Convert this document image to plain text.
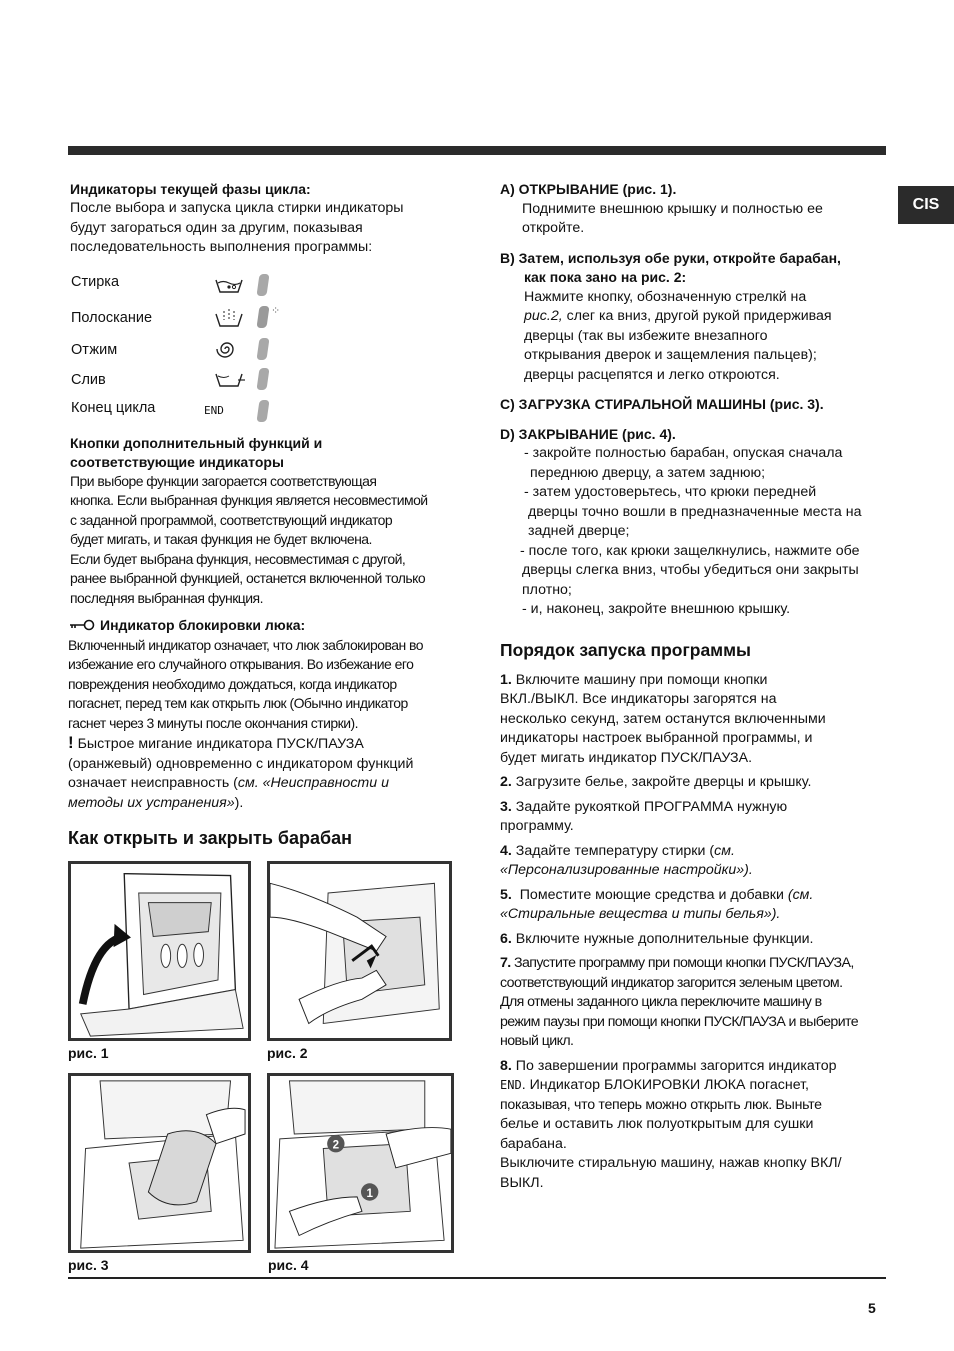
CIS

Индикаторы текущей фазы цикла:

После выбора и запуска цикла стирки индикаторы

будут загораться один за другим, показывая

последовательность выполнения программы:

Стирка
Полоскание	⁘
Отжим
Слив
Конец цикла	END

Кнопки дополнительный функций и

соответствующие индикаторы

При выборе функции загорается соответствующая

кнопка. Если выбранная функция является несовместимой

с заданной программой, соответствующий индикатор

будет мигать, и такая функция не будет включена.

Если будет выбрана функция, несовместимая с другой,

ранее выбранной функцией, останется включенной только

последняя выбранная функция.

Индикатор блокировки люка:

Включенный индикатор означает, что люк заблокирован во

избежание его случайного открывания. Во избежание его

повреждения необходимо дождаться, когда индикатор

погаснет, перед тем как открыть люк (Обычно индикатор

гаснет через 3 минуты после окончания стирки).

! Быстрое мигание индикатора ПУСК/ПАУЗА

(оранжевый) одновременно с индикатором функций

означает неисправность (см. «Неисправности и

методы их устранения»).

Как открыть и закрыть барабан
2
1
рис. 1	рис. 2
рис. 3	рис. 4

A) ОТКРЫВАНИЕ (рис. 1).

Поднимите внешнюю крышку и полностью ее

откройте.

B) Затем, используя обе руки, откройте барабан,

как пока зано на рис. 2:

Нажмите кнопку, обозначенную стрелкй на

рис.2, слег ка вниз, другой рукой придерживая

дверцы (так вы избежите внезапного

открывания дверок и защемления пальцев);

дверцы расцепятся и легко откроются.

C) ЗАГРУЗКА СТИРАЛЬНОЙ МАШИНЫ (рис. 3).

D) ЗАКРЫВАНИЕ (рис. 4).

- закройте полностью барабан, опуская сначала

переднюю дверцу, а затем заднюю;

- затем удостоверьтесь, что крюки передней

дверцы точно вошли в предназначенные места на

задней дверце;

- после того, как крюки защелкнулись, нажмите обе

дверцы слегка вниз, чтобы убедиться они закрыты

плотно;

- и, наконец, закройте внешнюю крышку.

Порядок запуска программы

1. Включите машину при помощи кнопки

ВКЛ./ВЫКЛ. Все индикаторы загорятся на

несколько секунд, затем останутся включенными

индикаторы настроек выбранной программы, и

будет мигать индикатор ПУСК/ПАУЗА.

2. Загрузите белье, закройте дверцы и крышку.

3. Задайте рукояткой ПРОГРАММА нужную

программу.

4. Задайте температуру стирки (см.

«Персонализированные настройки»).

5. Поместите моющие средства и добавки (см.

«Стиральные вещества и типы белья»).

6. Включите нужные дополнительные функции.

7. Запустите программу при помощи кнопки ПУСК/ПАУЗА,

соответствующий индикатор загорится зеленым цветом.

Для отмены заданного цикла переключите машину в

режим паузы при помощи кнопки ПУСК/ПАУЗА и выберите

новый цикл.

8. По завершении программы загорится индикатор

END. Индикатор БЛОКИРОВКИ ЛЮКА погаснет,

показывая, что теперь можно открыть люк. Выньте

белье и оставить люк полуоткрытым для сушки

барабана.

Выключите стиральную машину, нажав кнопку ВКЛ/

ВЫКЛ.

5
